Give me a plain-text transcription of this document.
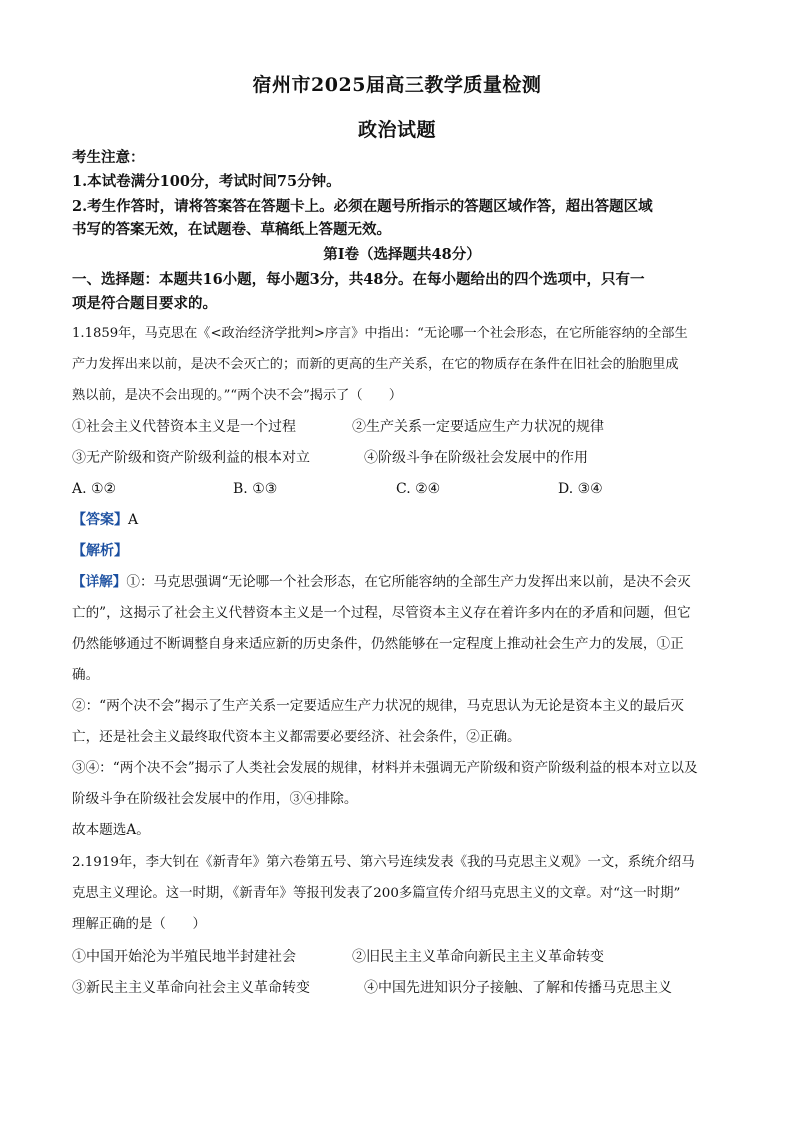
宿州市2025届高三教学质量检测
政治试题
考生注意：
1.本试卷满分100分，考试时间75分钟。
2.考生作答时，请将答案答在答题卡上。必须在题号所指示的答题区域作答，超出答题区域
书写的答案无效，在试题卷、草稿纸上答题无效。
第Ⅰ卷（选择题共48分）
一、选择题：本题共16小题，每小题3分，共48分。在每小题给出的四个选项中，只有一
项是符合题目要求的。
1.1859年，马克思在《<政治经济学批判>序言》中指出：“无论哪一个社会形态，在它所能容纳的全部生
产力发挥出来以前，是决不会灭亡的；而新的更高的生产关系，在它的物质存在条件在旧社会的胎胞里成
熟以前，是决不会出现的。”“两个决不会”揭示了（　　）
①社会主义代替资本主义是一个过程	②生产关系一定要适应生产力状况的规律
③无产阶级和资产阶级利益的根本对立	④阶级斗争在阶级社会发展中的作用
A. ①②	B. ①③	C. ②④	D. ③④
【答案】A
【解析】
【详解】①：马克思强调“无论哪一个社会形态，在它所能容纳的全部生产力发挥出来以前，是决不会灭
亡的”，这揭示了社会主义代替资本主义是一个过程，尽管资本主义存在着许多内在的矛盾和问题，但它
仍然能够通过不断调整自身来适应新的历史条件，仍然能够在一定程度上推动社会生产力的发展，①正
确。
②：“两个决不会”揭示了生产关系一定要适应生产力状况的规律，马克思认为无论是资本主义的最后灭
亡，还是社会主义最终取代资本主义都需要必要经济、社会条件，②正确。
③④：“两个决不会”揭示了人类社会发展的规律，材料并未强调无产阶级和资产阶级利益的根本对立以及
阶级斗争在阶级社会发展中的作用，③④排除。
故本题选A。
2.1919年，李大钊在《新青年》第六卷第五号、第六号连续发表《我的马克思主义观》一文，系统介绍马
克思主义理论。这一时期，《新青年》等报刊发表了200多篇宣传介绍马克思主义的文章。对“这一时期”
理解正确的是（　　）
①中国开始沦为半殖民地半封建社会	②旧民主主义革命向新民主主义革命转变
③新民主主义革命向社会主义革命转变	④中国先进知识分子接触、了解和传播马克思主义
